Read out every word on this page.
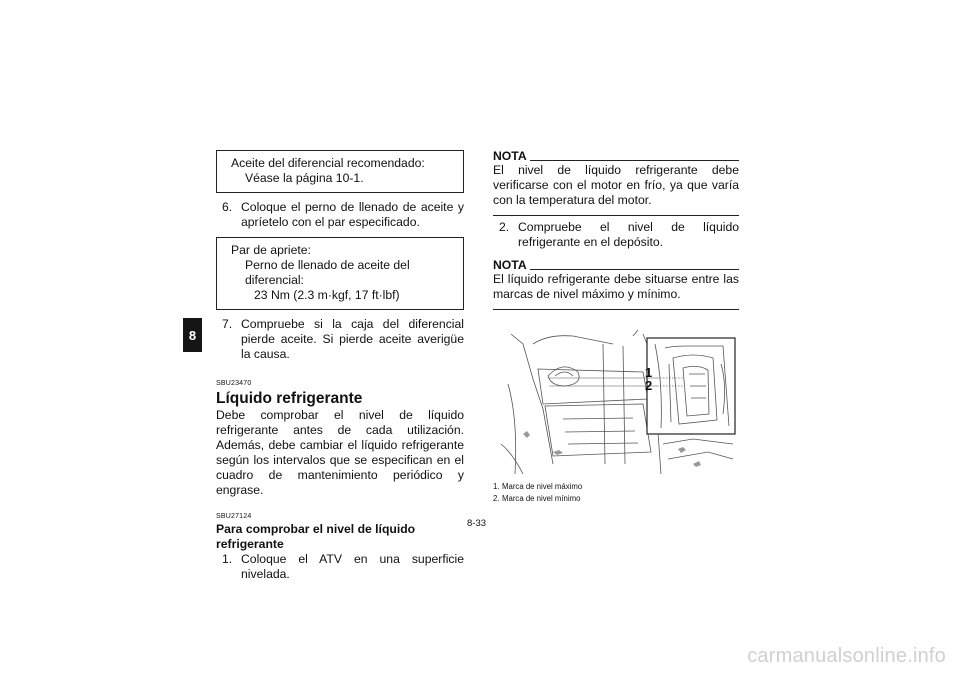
8
Aceite del diferencial recomendado:
Véase la página 10-1.
6. Coloque el perno de llenado de aceite y apríetelo con el par especificado.
Par de apriete:
Perno de llenado de aceite del diferencial:
23 Nm (2.3 m·kgf, 17 ft·lbf)
7. Compruebe si la caja del diferencial pierde aceite. Si pierde aceite averigüe la causa.
SBU23470
Líquido refrigerante
Debe comprobar el nivel de líquido refrigerante antes de cada utilización. Además, debe cambiar el líquido refrigerante según los intervalos que se especifican en el cuadro de mantenimiento periódico y engrase.
SBU27124
Para comprobar el nivel de líquido refrigerante
1. Coloque el ATV en una superficie nivelada.
NOTA
El nivel de líquido refrigerante debe verificarse con el motor en frío, ya que varía con la temperatura del motor.
2. Compruebe el nivel de líquido refrigerante en el depósito.
NOTA
El líquido refrigerante debe situarse entre las marcas de nivel máximo y mínimo.
1
2
1. Marca de nivel máximo
2. Marca de nivel mínimo
8-33
carmanualsonline.info
